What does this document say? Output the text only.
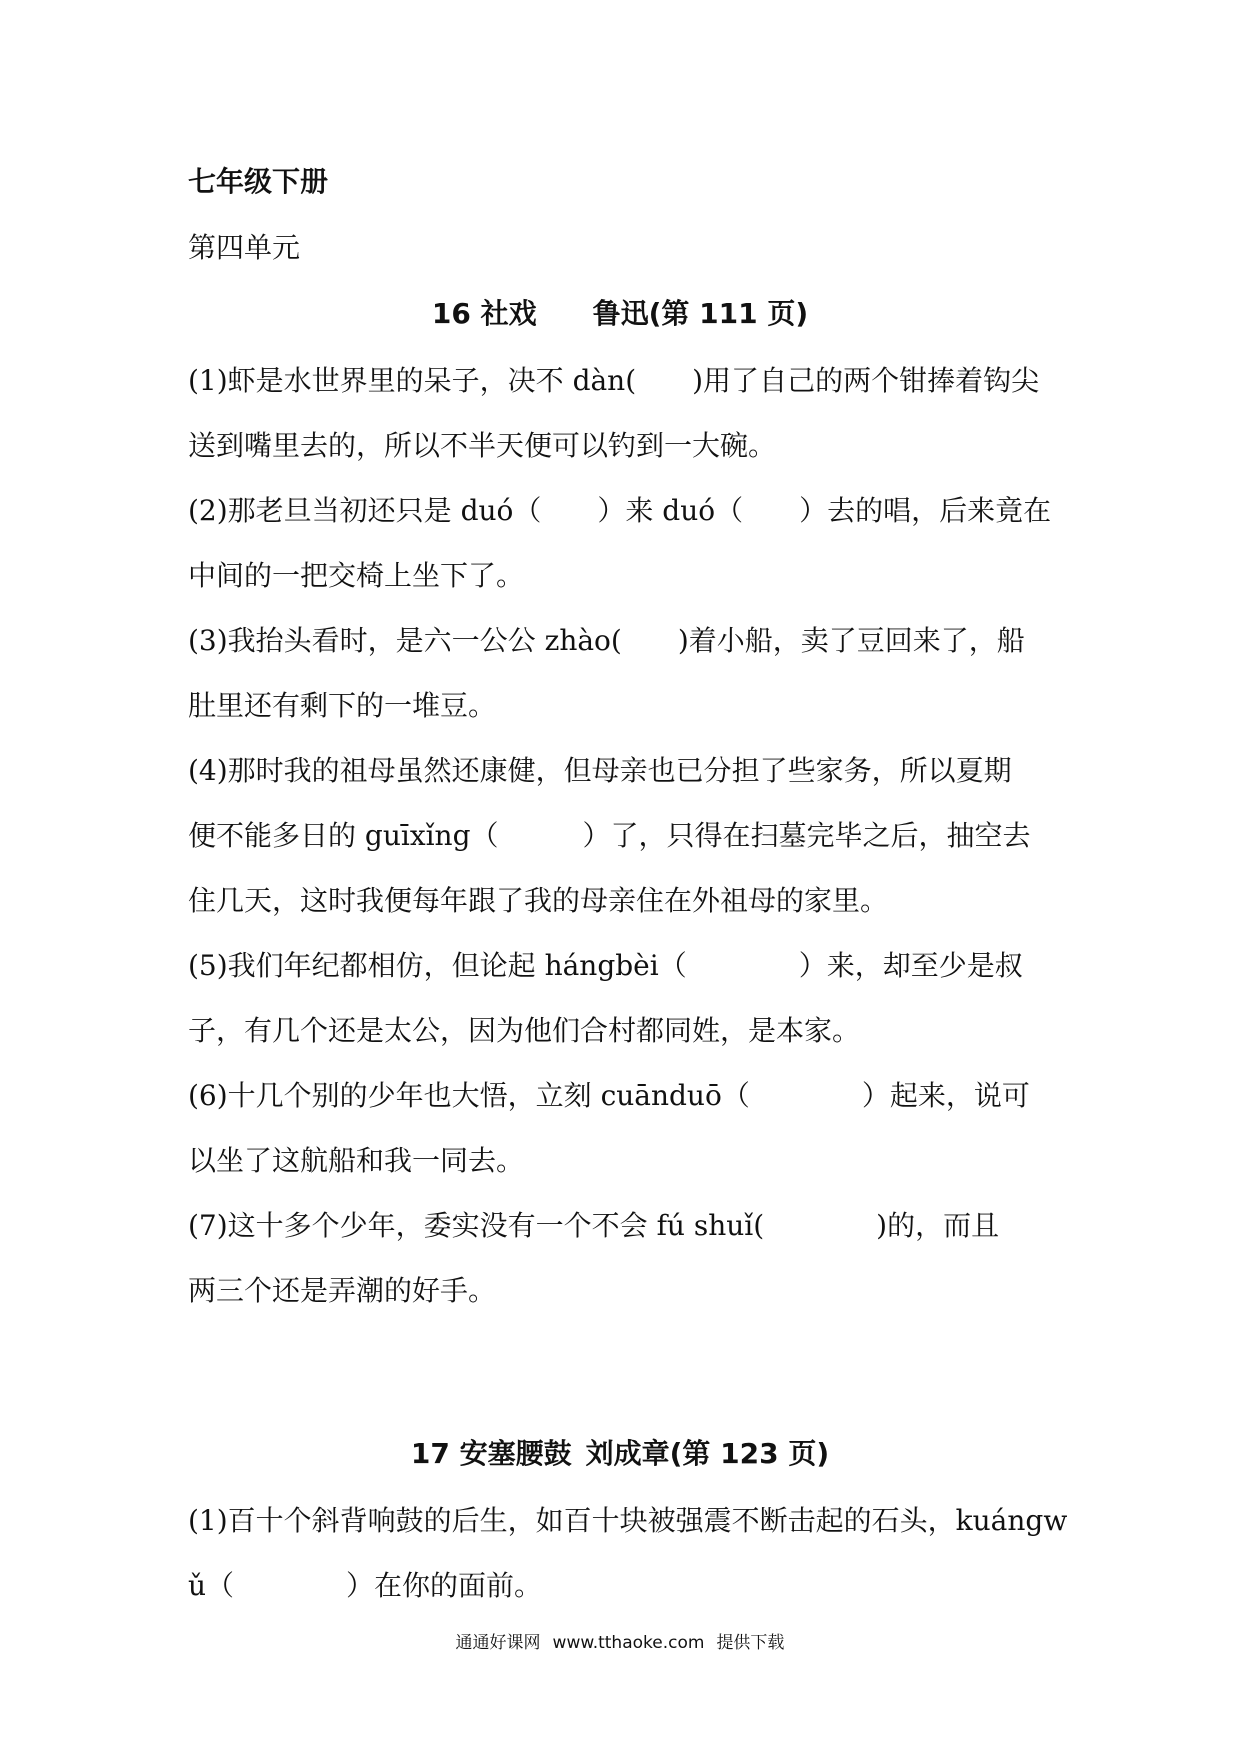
七年级下册
第四单元
16 社戏 鲁迅(第 111 页)
(1)虾是水世界里的呆子，决不 dàn(　　)用了自己的两个钳捧着钩尖
送到嘴里去的，所以不半天便可以钓到一大碗。
(2)那老旦当初还只是 duó（　　）来 duó（　　）去的唱，后来竟在
中间的一把交椅上坐下了。
(3)我抬头看时，是六一公公 zhào(　　)着小船，卖了豆回来了，船
肚里还有剩下的一堆豆。
(4)那时我的祖母虽然还康健，但母亲也已分担了些家务，所以夏期
便不能多日的 guīxǐng（　　　）了，只得在扫墓完毕之后，抽空去
住几天，这时我便每年跟了我的母亲住在外祖母的家里。
(5)我们年纪都相仿，但论起 hángbèi（　　　　）来，却至少是叔
子，有几个还是太公，因为他们合村都同姓，是本家。
(6)十几个别的少年也大悟，立刻 cuānduō（　　　　）起来，说可
以坐了这航船和我一同去。
(7)这十多个少年，委实没有一个不会 fú shuǐ(　　　　)的，而且
两三个还是弄潮的好手。
17 安塞腰鼓 刘成章(第 123 页)
(1)百十个斜背响鼓的后生，如百十块被强震不断击起的石头，kuángw
ǔ（　　　　）在你的面前。
通通好课网 www.tthaoke.com 提供下载
